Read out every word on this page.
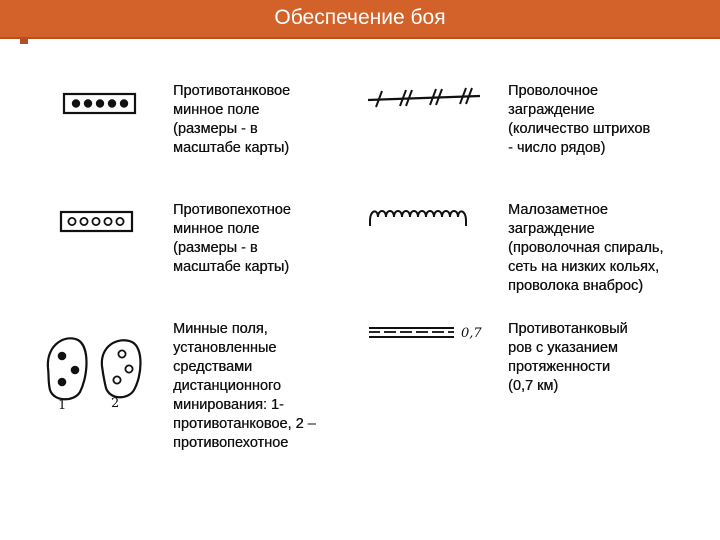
Обеспечение боя
1	2
0,7
Противотанковое
минное поле
(размеры - в
масштабе карты)
Проволочное
заграждение
(количество штрихов
- число рядов)
Противопехотное
минное поле
(размеры - в
масштабе карты)
Малозаметное
заграждение
(проволочная спираль,
сеть на низких кольях,
проволока внаброс)
Минные поля,
установленные
средствами
дистанционного
минирования: 1-
противотанковое, 2 –
противопехотное
Противотанковый
ров с указанием
протяженности
(0,7 км)
